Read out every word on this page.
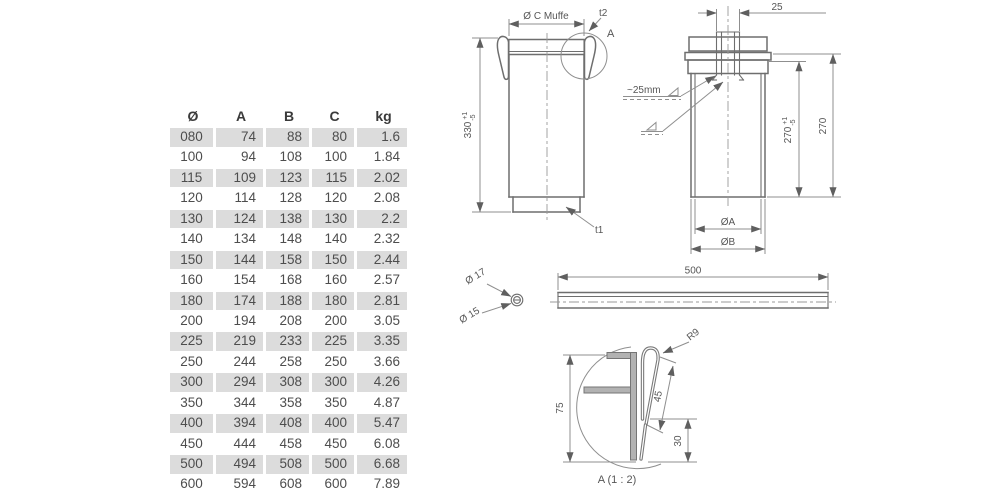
Ø	A	B	C	kg
080	74	88	80	1.6
100	94	108	100	1.84
115	109	123	115	2.02
120	114	128	120	2.08
130	124	138	130	2.2
140	134	148	140	2.32
150	144	158	150	2.44
160	154	168	160	2.57
180	174	188	180	2.81
200	194	208	200	3.05
225	219	233	225	3.35
250	244	258	250	3.66
300	294	308	300	4.26
350	344	358	350	4.87
400	394	408	400	5.47
450	444	458	450	6.08
500	494	508	500	6.68
600	594	608	600	7.89
Ø C Muffe	t2
A
$330^{+1}-5$
t1
25
~25mm
$270^{+1}-5$ 270
ØA
ØB
Ø 17
Ø 15
500
R9
45
75
30
A (1 : 2)
